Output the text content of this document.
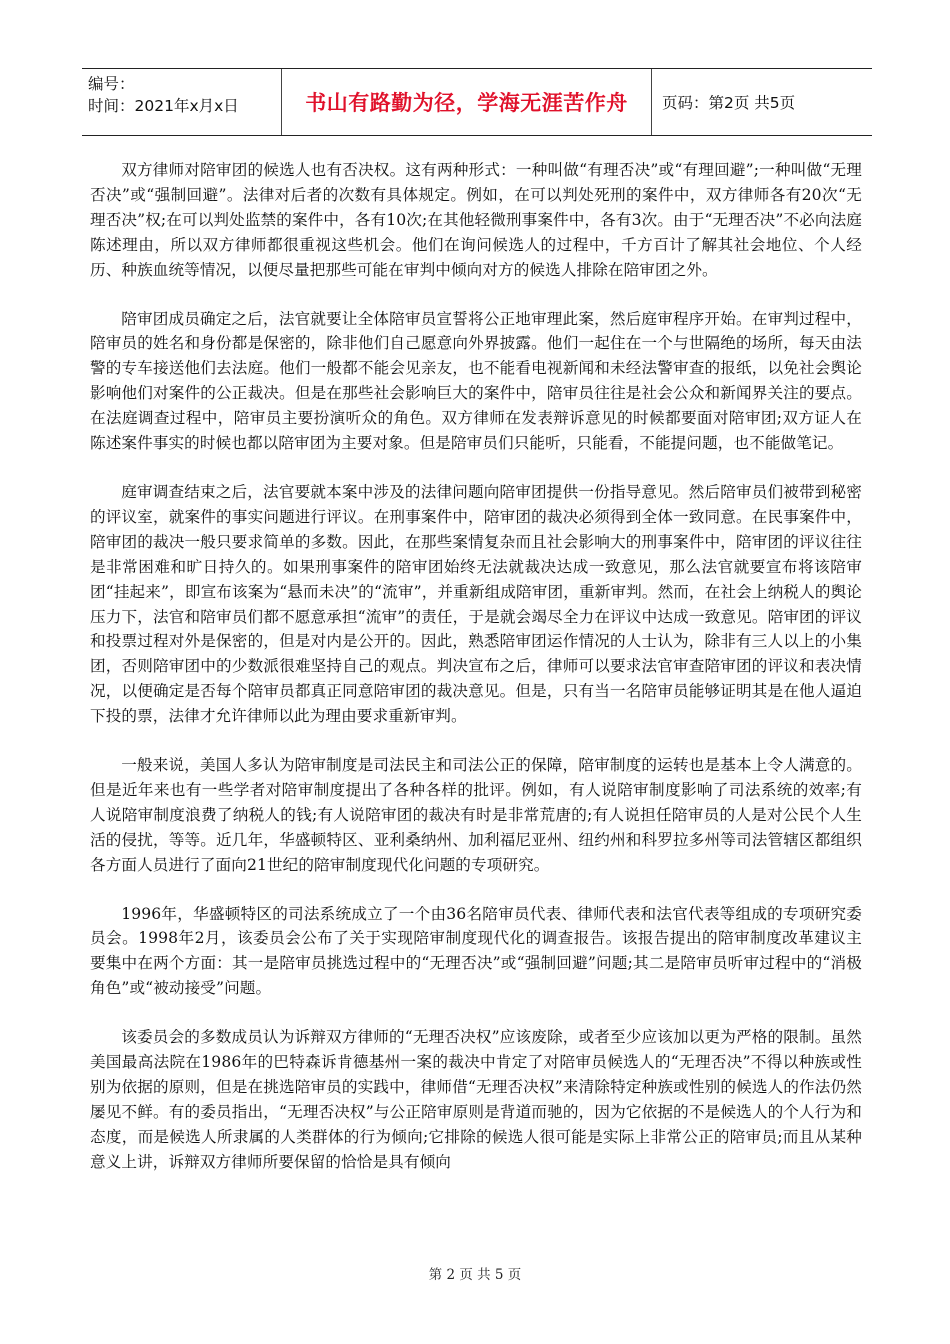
编号：
时间：2021年x月x日	书山有路勤为径，学海无涯苦作舟	页码：第2页 共5页

双方律师对陪审团的候选人也有否决权。这有两种形式：一种叫做“有理否决”或“有理回避”;一种叫做“无理否决”或“强制回避”。法律对后者的次数有具体规定。例如，在可以判处死刑的案件中，双方律师各有20次“无理否决”权;在可以判处监禁的案件中，各有10次;在其他轻微刑事案件中，各有3次。由于“无理否决”不必向法庭陈述理由，所以双方律师都很重视这些机会。他们在询问候选人的过程中，千方百计了解其社会地位、个人经历、种族血统等情况，以便尽量把那些可能在审判中倾向对方的候选人排除在陪审团之外。

陪审团成员确定之后，法官就要让全体陪审员宣誓将公正地审理此案，然后庭审程序开始。在审判过程中，陪审员的姓名和身份都是保密的，除非他们自己愿意向外界披露。他们一起住在一个与世隔绝的场所，每天由法警的专车接送他们去法庭。他们一般都不能会见亲友，也不能看电视新闻和未经法警审查的报纸，以免社会舆论影响他们对案件的公正裁决。但是在那些社会影响巨大的案件中，陪审员往往是社会公众和新闻界关注的要点。在法庭调查过程中，陪审员主要扮演听众的角色。双方律师在发表辩诉意见的时候都要面对陪审团;双方证人在陈述案件事实的时候也都以陪审团为主要对象。但是陪审员们只能听，只能看，不能提问题，也不能做笔记。

庭审调查结束之后，法官要就本案中涉及的法律问题向陪审团提供一份指导意见。然后陪审员们被带到秘密的评议室，就案件的事实问题进行评议。在刑事案件中，陪审团的裁决必须得到全体一致同意。在民事案件中，陪审团的裁决一般只要求简单的多数。因此，在那些案情复杂而且社会影响大的刑事案件中，陪审团的评议往往是非常困难和旷日持久的。如果刑事案件的陪审团始终无法就裁决达成一致意见，那么法官就要宣布将该陪审团“挂起来”，即宣布该案为“悬而未决”的“流审”，并重新组成陪审团，重新审判。然而，在社会上纳税人的舆论压力下，法官和陪审员们都不愿意承担“流审”的责任，于是就会竭尽全力在评议中达成一致意见。陪审团的评议和投票过程对外是保密的，但是对内是公开的。因此，熟悉陪审团运作情况的人士认为，除非有三人以上的小集团，否则陪审团中的少数派很难坚持自己的观点。判决宣布之后，律师可以要求法官审查陪审团的评议和表决情况，以便确定是否每个陪审员都真正同意陪审团的裁决意见。但是，只有当一名陪审员能够证明其是在他人逼迫下投的票，法律才允许律师以此为理由要求重新审判。

一般来说，美国人多认为陪审制度是司法民主和司法公正的保障，陪审制度的运转也是基本上令人满意的。但是近年来也有一些学者对陪审制度提出了各种各样的批评。例如，有人说陪审制度影响了司法系统的效率;有人说陪审制度浪费了纳税人的钱;有人说陪审团的裁决有时是非常荒唐的;有人说担任陪审员的人是对公民个人生活的侵扰，等等。近几年，华盛顿特区、亚利桑纳州、加利福尼亚州、纽约州和科罗拉多州等司法管辖区都组织各方面人员进行了面向21世纪的陪审制度现代化问题的专项研究。

1996年，华盛顿特区的司法系统成立了一个由36名陪审员代表、律师代表和法官代表等组成的专项研究委员会。1998年2月，该委员会公布了关于实现陪审制度现代化的调查报告。该报告提出的陪审制度改革建议主要集中在两个方面：其一是陪审员挑选过程中的“无理否决”或“强制回避”问题;其二是陪审员听审过程中的“消极角色”或“被动接受”问题。

该委员会的多数成员认为诉辩双方律师的“无理否决权”应该废除，或者至少应该加以更为严格的限制。虽然美国最高法院在1986年的巴特森诉肯德基州一案的裁决中肯定了对陪审员候选人的“无理否决”不得以种族或性别为依据的原则，但是在挑选陪审员的实践中，律师借“无理否决权”来清除特定种族或性别的候选人的作法仍然屡见不鲜。有的委员指出，“无理否决权”与公正陪审原则是背道而驰的，因为它依据的不是候选人的个人行为和态度，而是候选人所隶属的人类群体的行为倾向;它排除的候选人很可能是实际上非常公正的陪审员;而且从某种意义上讲，诉辩双方律师所要保留的恰恰是具有倾向

第 2 页 共 5 页
